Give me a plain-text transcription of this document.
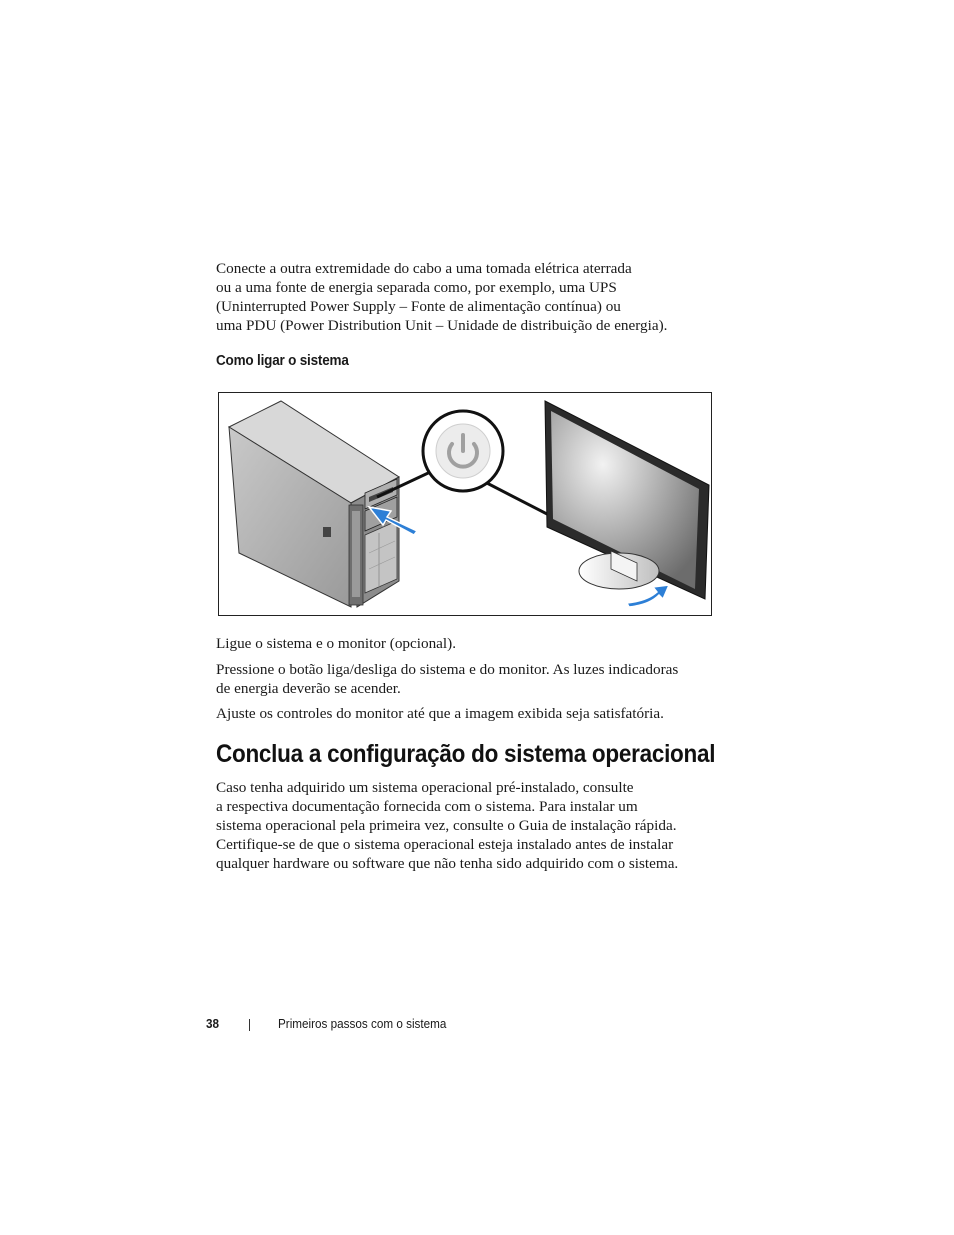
Conecte a outra extremidade do cabo a uma tomada elétrica aterrada
ou a uma fonte de energia separada como, por exemplo, uma UPS
(Uninterrupted Power Supply – Fonte de alimentação contínua) ou
uma PDU (Power Distribution Unit – Unidade de distribuição de energia).

Como ligar o sistema

Ligue o sistema e o monitor (opcional).

Pressione o botão liga/desliga do sistema e do monitor. As luzes indicadoras
de energia deverão se acender.

Ajuste os controles do monitor até que a imagem exibida seja satisfatória.

Conclua a configuração do sistema operacional

Caso tenha adquirido um sistema operacional pré-instalado, consulte
a respectiva documentação fornecida com o sistema. Para instalar um
sistema operacional pela primeira vez, consulte o Guia de instalação rápida.
Certifique-se de que o sistema operacional esteja instalado antes de instalar
qualquer hardware ou software que não tenha sido adquirido com o sistema.

38	Primeiros passos com o sistema
